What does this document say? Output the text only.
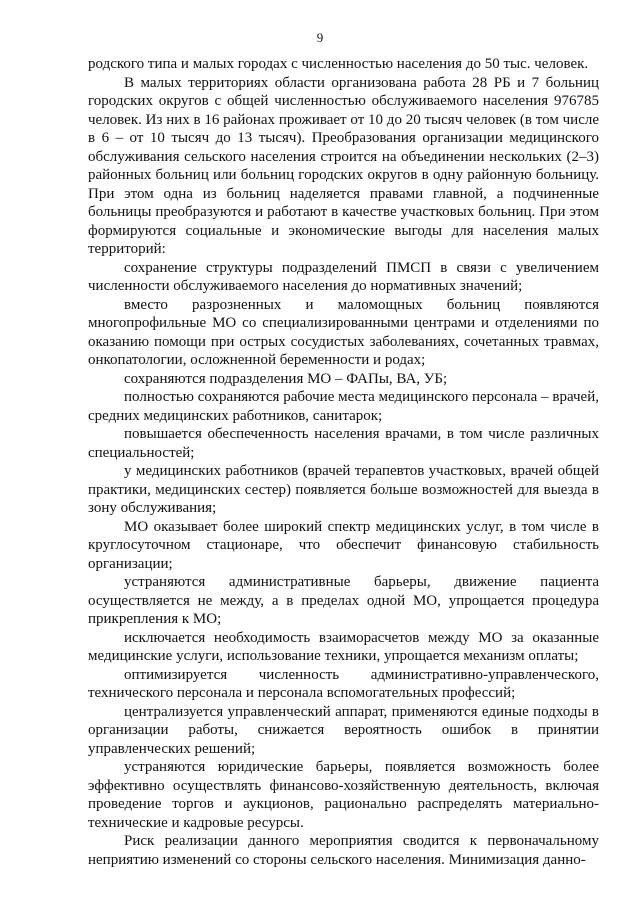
9

родского типа и малых городах с численностью населения до 50 тыс. человек.

В малых территориях области организована работа 28 РБ и 7 больниц городских округов с общей численностью обслуживаемого населения 976785 человек. Из них в 16 районах проживает от 10 до 20 тысяч человек (в том числе в 6 – от 10 тысяч до 13 тысяч). Преобразования организации медицинского обслуживания сельского населения строится на объединении нескольких (2–3) районных больниц или больниц городских округов в одну районную больницу. При этом одна из больниц наделяется правами главной, а подчиненные больницы преобразуются и работают в качестве участковых больниц. При этом формируются социальные и экономические выгоды для населения малых территорий:

сохранение структуры подразделений ПМСП в связи с увеличением численности обслуживаемого населения до нормативных значений;

вместо разрозненных и маломощных больниц появляются многопрофильные МО со специализированными центрами и отделениями по оказанию помощи при острых сосудистых заболеваниях, сочетанных травмах, онкопатологии, осложненной беременности и родах;

сохраняются подразделения МО – ФАПы, ВА, УБ;

полностью сохраняются рабочие места медицинского персонала – врачей, средних медицинских работников, санитарок;

повышается обеспеченность населения врачами, в том числе различных специальностей;

у медицинских работников (врачей терапевтов участковых, врачей общей практики, медицинских сестер) появляется больше возможностей для выезда в зону обслуживания;

МО оказывает более широкий спектр медицинских услуг, в том числе в круглосуточном стационаре, что обеспечит финансовую стабильность организации;

устраняются административные барьеры, движение пациента осуществляется не между, а в пределах одной МО, упрощается процедура прикрепления к МО;

исключается необходимость взаиморасчетов между МО за оказанные медицинские услуги, использование техники, упрощается механизм оплаты;

оптимизируется численность административно-управленческого, технического персонала и персонала вспомогательных профессий;

централизуется управленческий аппарат, применяются единые подходы в организации работы, снижается вероятность ошибок в принятии управленческих решений;

устраняются юридические барьеры, появляется возможность более эффективно осуществлять финансово-хозяйственную деятельность, включая проведение торгов и аукционов, рационально распределять материально-технические и кадровые ресурсы.

Риск реализации данного мероприятия сводится к первоначальному неприятию изменений со стороны сельского населения. Минимизация данно-
